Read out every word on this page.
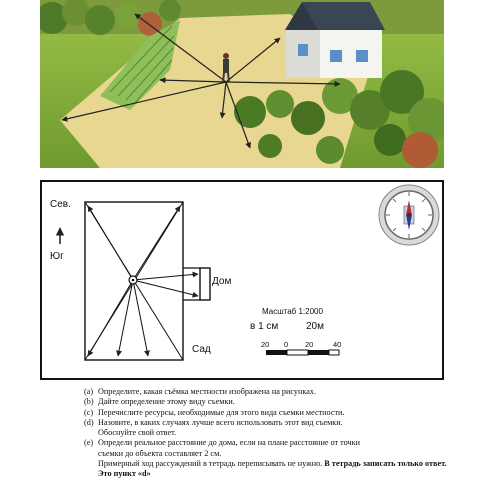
Сев.
Юг
Дом
Сад
Масштаб 1:2000
в 1 см	20м
20 0 20	40
(a) Определите, какая съёмка местности изображена на рисунках.
(b) Дайте определение этому виду съемки.
(c) Перечислите ресурсы, необходимые для этого вида съемки местности.
(d) Назовите, в каких случаях лучше всего использовать этот вид съемки.
Обоснуйте свой ответ.
(e) Определи реальное расстояние до дома, если на плане расстояние от точки
съемки до объекта составляет 2 см.
Примерный ход рассуждений в тетрадь переписывать не нужно. В тетрадь записать только ответ. Это пункт «d»
